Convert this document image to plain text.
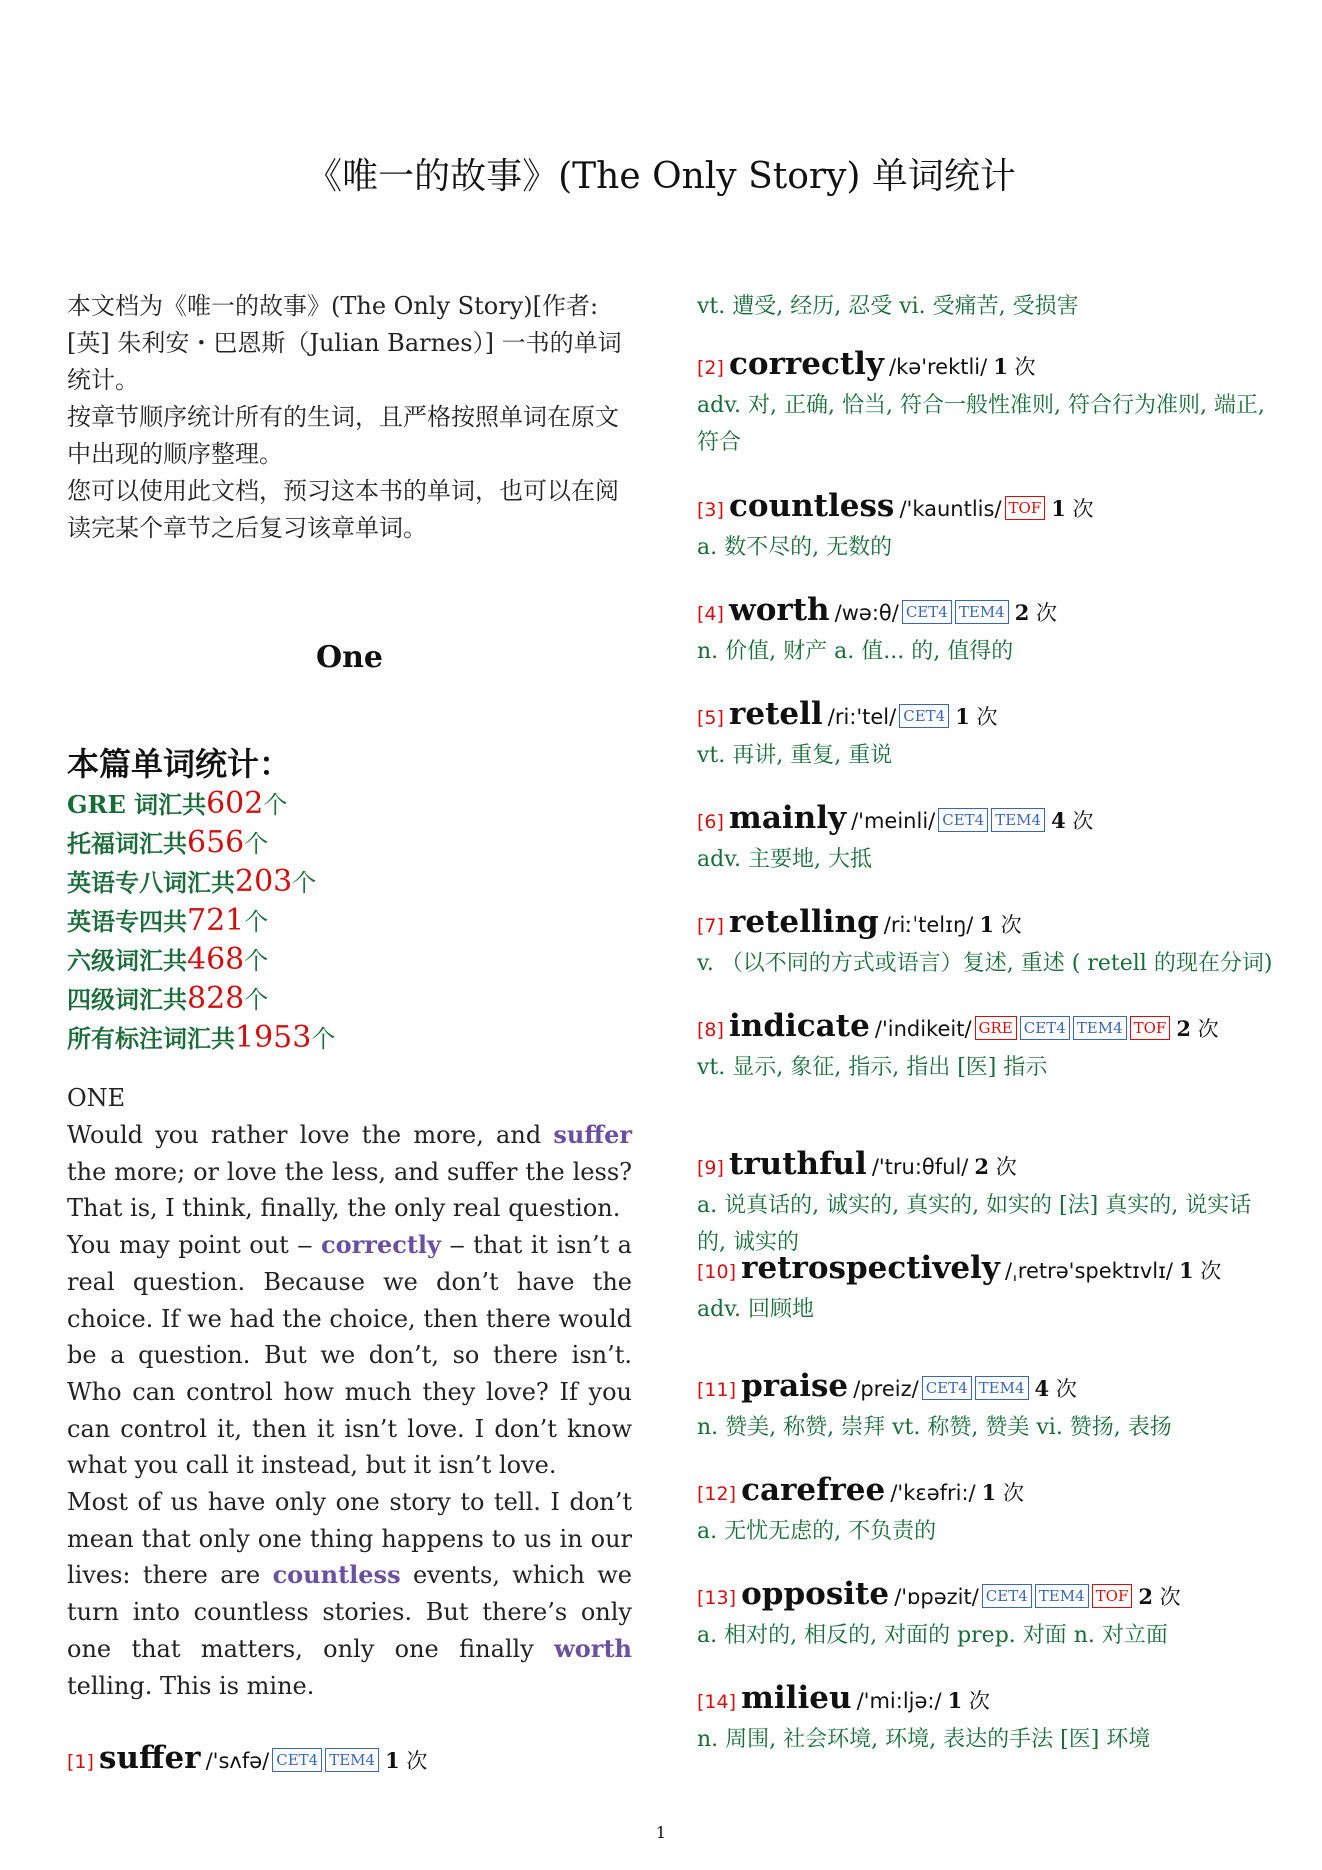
《唯一的故事》(The Only Story) 单词统计

本文档为《唯一的故事》(The Only Story)[作者:[英] 朱利安・巴恩斯（Julian Barnes）] 一书的单词统计。

按章节顺序统计所有的生词，且严格按照单词在原文中出现的顺序整理。

您可以使用此文档，预习这本书的单词，也可以在阅读完某个章节之后复习该章单词。

One
本篇单词统计：
GRE 词汇共602个
托福词汇共656个
英语专八词汇共203个
英语专四共721个
六级词汇共468个
四级词汇共828个
所有标注词汇共1953个
ONE

Would you rather love the more, and suffer the more; or love the less, and suffer the less? That is, I think, finally, the only real question.

You may point out ‒ correctly ‒ that it isn’t a real question. Because we don’t have the choice. If we had the choice, then there would be a question. But we don’t, so there isn’t. Who can control how much they love? If you can control it, then it isn’t love. I don’t know what you call it instead, but it isn’t love.

Most of us have only one story to tell. I don’t mean that only one thing happens to us in our lives: there are countless events, which we turn into countless stories. But there’s only one that matters, only one finally worth telling. This is mine.

vt. 遭受, 经历, 忍受 vi. 受痛苦, 受损害
[1] suffer /'sʌfə/ CET4 TEM4 1 次
[2] correctly /kə'rektli/ 1 次
adv. 对, 正确, 恰当, 符合一般性准则, 符合行为准则, 端正, 符合
[3] countless /'kauntlis/ TOF 1 次
a. 数不尽的, 无数的
[4] worth /wə:θ/ CET4 TEM4 2 次
n. 价值, 财产 a. 值... 的, 值得的
[5] retell /ri:'tel/ CET4 1 次
vt. 再讲, 重复, 重说
[6] mainly /'meinli/ CET4 TEM4 4 次
adv. 主要地, 大抵
[7] retelling /riːˈtelɪŋ/ 1 次
v. （以不同的方式或语言）复述, 重述 ( retell 的现在分词)
[8] indicate /'indikeit/ GRE CET4 TEM4 TOF 2 次
vt. 显示, 象征, 指示, 指出 [医] 指示
[9] truthful /'tru:θful/ 2 次
a. 说真话的, 诚实的, 真实的, 如实的 [法] 真实的, 说实话的, 诚实的
[10] retrospectively /ˌretrə'spektɪvlɪ/ 1 次
adv. 回顾地
[11] praise /preiz/ CET4 TEM4 4 次
n. 赞美, 称赞, 崇拜 vt. 称赞, 赞美 vi. 赞扬, 表扬
[12] carefree /'kɛəfri:/ 1 次
a. 无忧无虑的, 不负责的
[13] opposite /'ɒpəzit/ CET4 TEM4 TOF 2 次
a. 相对的, 相反的, 对面的 prep. 对面 n. 对立面
[14] milieu /'mi:ljə:/ 1 次
n. 周围, 社会环境, 环境, 表达的手法 [医] 环境
1
